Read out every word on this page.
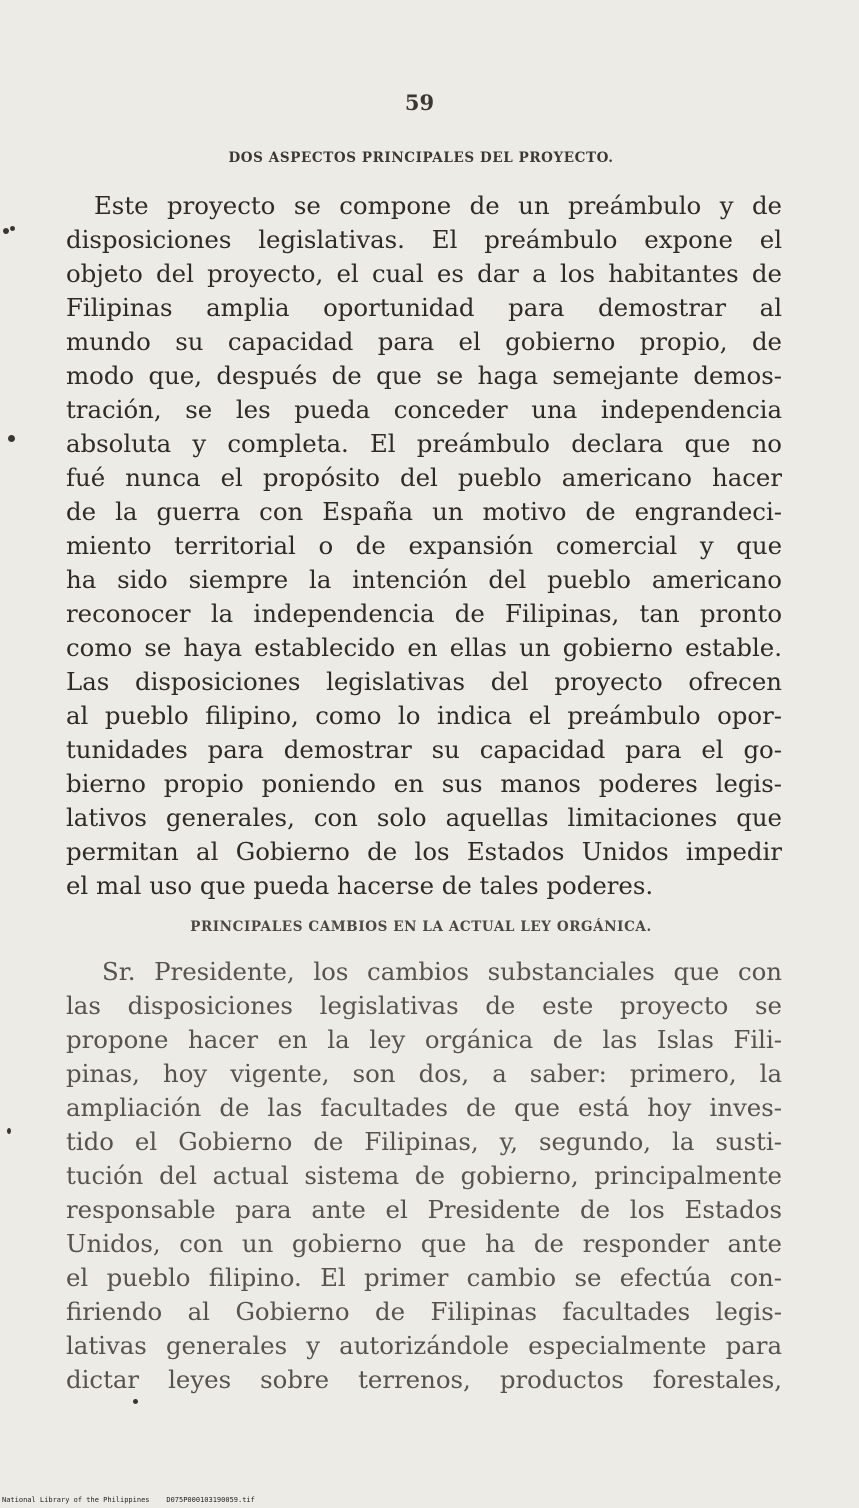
59
DOS ASPECTOS PRINCIPALES DEL PROYECTO.
Este proyecto se compone de un preámbulo y de
disposiciones legislativas. El preámbulo expone el
objeto del proyecto, el cual es dar a los habitantes de
Filipinas amplia oportunidad para demostrar al
mundo su capacidad para el gobierno propio, de
modo que, después de que se haga semejante demos-
tración, se les pueda conceder una independencia
absoluta y completa. El preámbulo declara que no
fué nunca el propósito del pueblo americano hacer
de la guerra con España un motivo de engrandeci-
miento territorial o de expansión comercial y que
ha sido siempre la intención del pueblo americano
reconocer la independencia de Filipinas, tan pronto
como se haya establecido en ellas un gobierno estable.
Las disposiciones legislativas del proyecto ofrecen
al pueblo filipino, como lo indica el preámbulo opor-
tunidades para demostrar su capacidad para el go-
bierno propio poniendo en sus manos poderes legis-
lativos generales, con solo aquellas limitaciones que
permitan al Gobierno de los Estados Unidos impedir
el mal uso que pueda hacerse de tales poderes.
PRINCIPALES CAMBIOS EN LA ACTUAL LEY ORGÁNICA.
Sr. Presidente, los cambios substanciales que con
las disposiciones legislativas de este proyecto se
propone hacer en la ley orgánica de las Islas Fili-
pinas, hoy vigente, son dos, a saber: primero, la
ampliación de las facultades de que está hoy inves-
tido el Gobierno de Filipinas, y, segundo, la susti-
tución del actual sistema de gobierno, principalmente
responsable para ante el Presidente de los Estados
Unidos, con un gobierno que ha de responder ante
el pueblo filipino. El primer cambio se efectúa con-
firiendo al Gobierno de Filipinas facultades legis-
lativas generales y autorizándole especialmente para
dictar leyes sobre terrenos, productos forestales,
National Library of the Philippines    D075P000103190059.tif
